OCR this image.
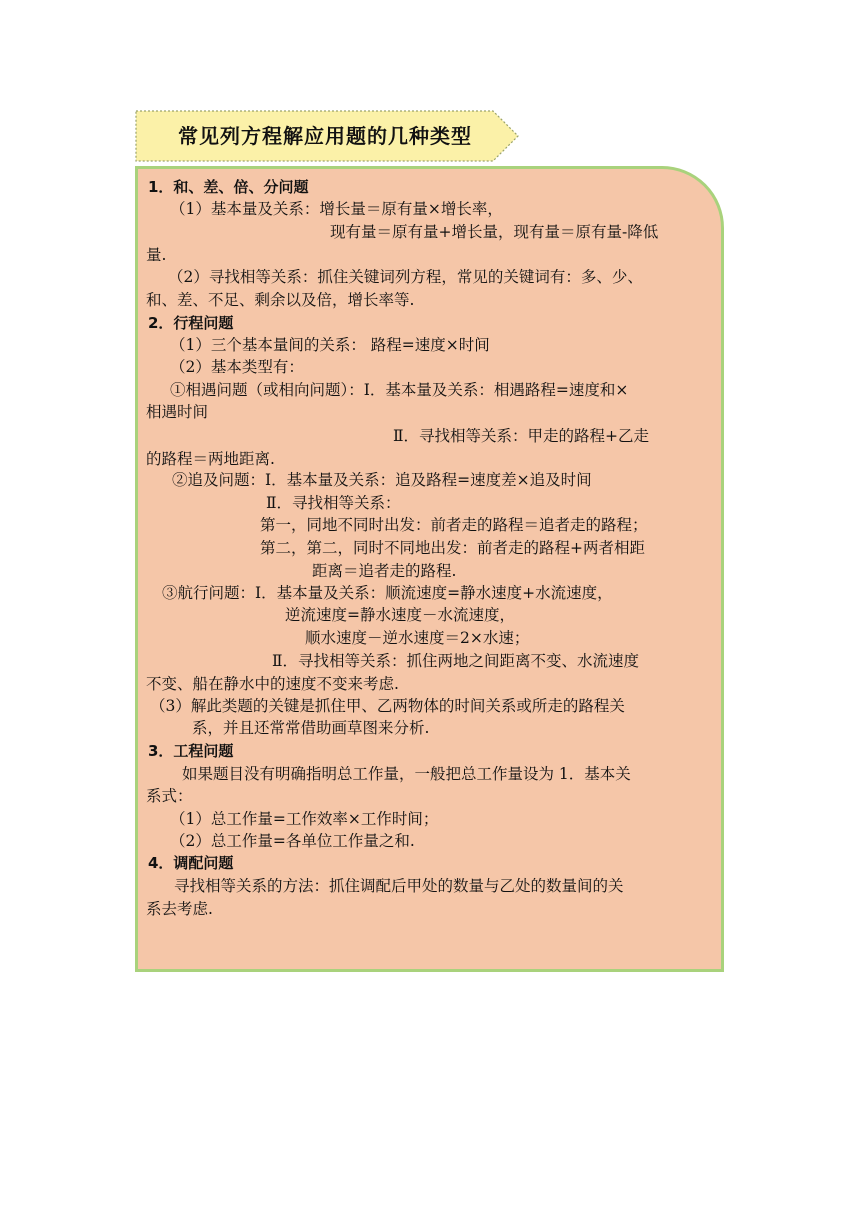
常见列方程解应用题的几种类型
1．和、差、倍、分问题
（1）基本量及关系：增长量＝原有量×增长率，
现有量＝原有量+增长量，现有量＝原有量-降低
量.
（2）寻找相等关系：抓住关键词列方程，常见的关键词有：多、少、
和、差、不足、剩余以及倍，增长率等.
2．行程问题
（1）三个基本量间的关系： 路程=速度×时间
（2）基本类型有：
①相遇问题（或相向问题）：Ⅰ．基本量及关系：相遇路程=速度和×
相遇时间
Ⅱ．寻找相等关系：甲走的路程+乙走
的路程＝两地距离.
②追及问题：Ⅰ．基本量及关系：追及路程=速度差×追及时间
Ⅱ．寻找相等关系：
第一，同地不同时出发：前者走的路程＝追者走的路程；
第二，第二，同时不同地出发：前者走的路程+两者相距
距离＝追者走的路程.
③航行问题：Ⅰ．基本量及关系：顺流速度=静水速度+水流速度，
逆流速度=静水速度－水流速度，
顺水速度－逆水速度＝2×水速；
Ⅱ．寻找相等关系：抓住两地之间距离不变、水流速度
不变、船在静水中的速度不变来考虑.
（3）解此类题的关键是抓住甲、乙两物体的时间关系或所走的路程关
系，并且还常常借助画草图来分析.
3．工程问题
如果题目没有明确指明总工作量，一般把总工作量设为 1．基本关
系式：
（1）总工作量=工作效率×工作时间；
（2）总工作量=各单位工作量之和.
4．调配问题
寻找相等关系的方法：抓住调配后甲处的数量与乙处的数量间的关
系去考虑.
